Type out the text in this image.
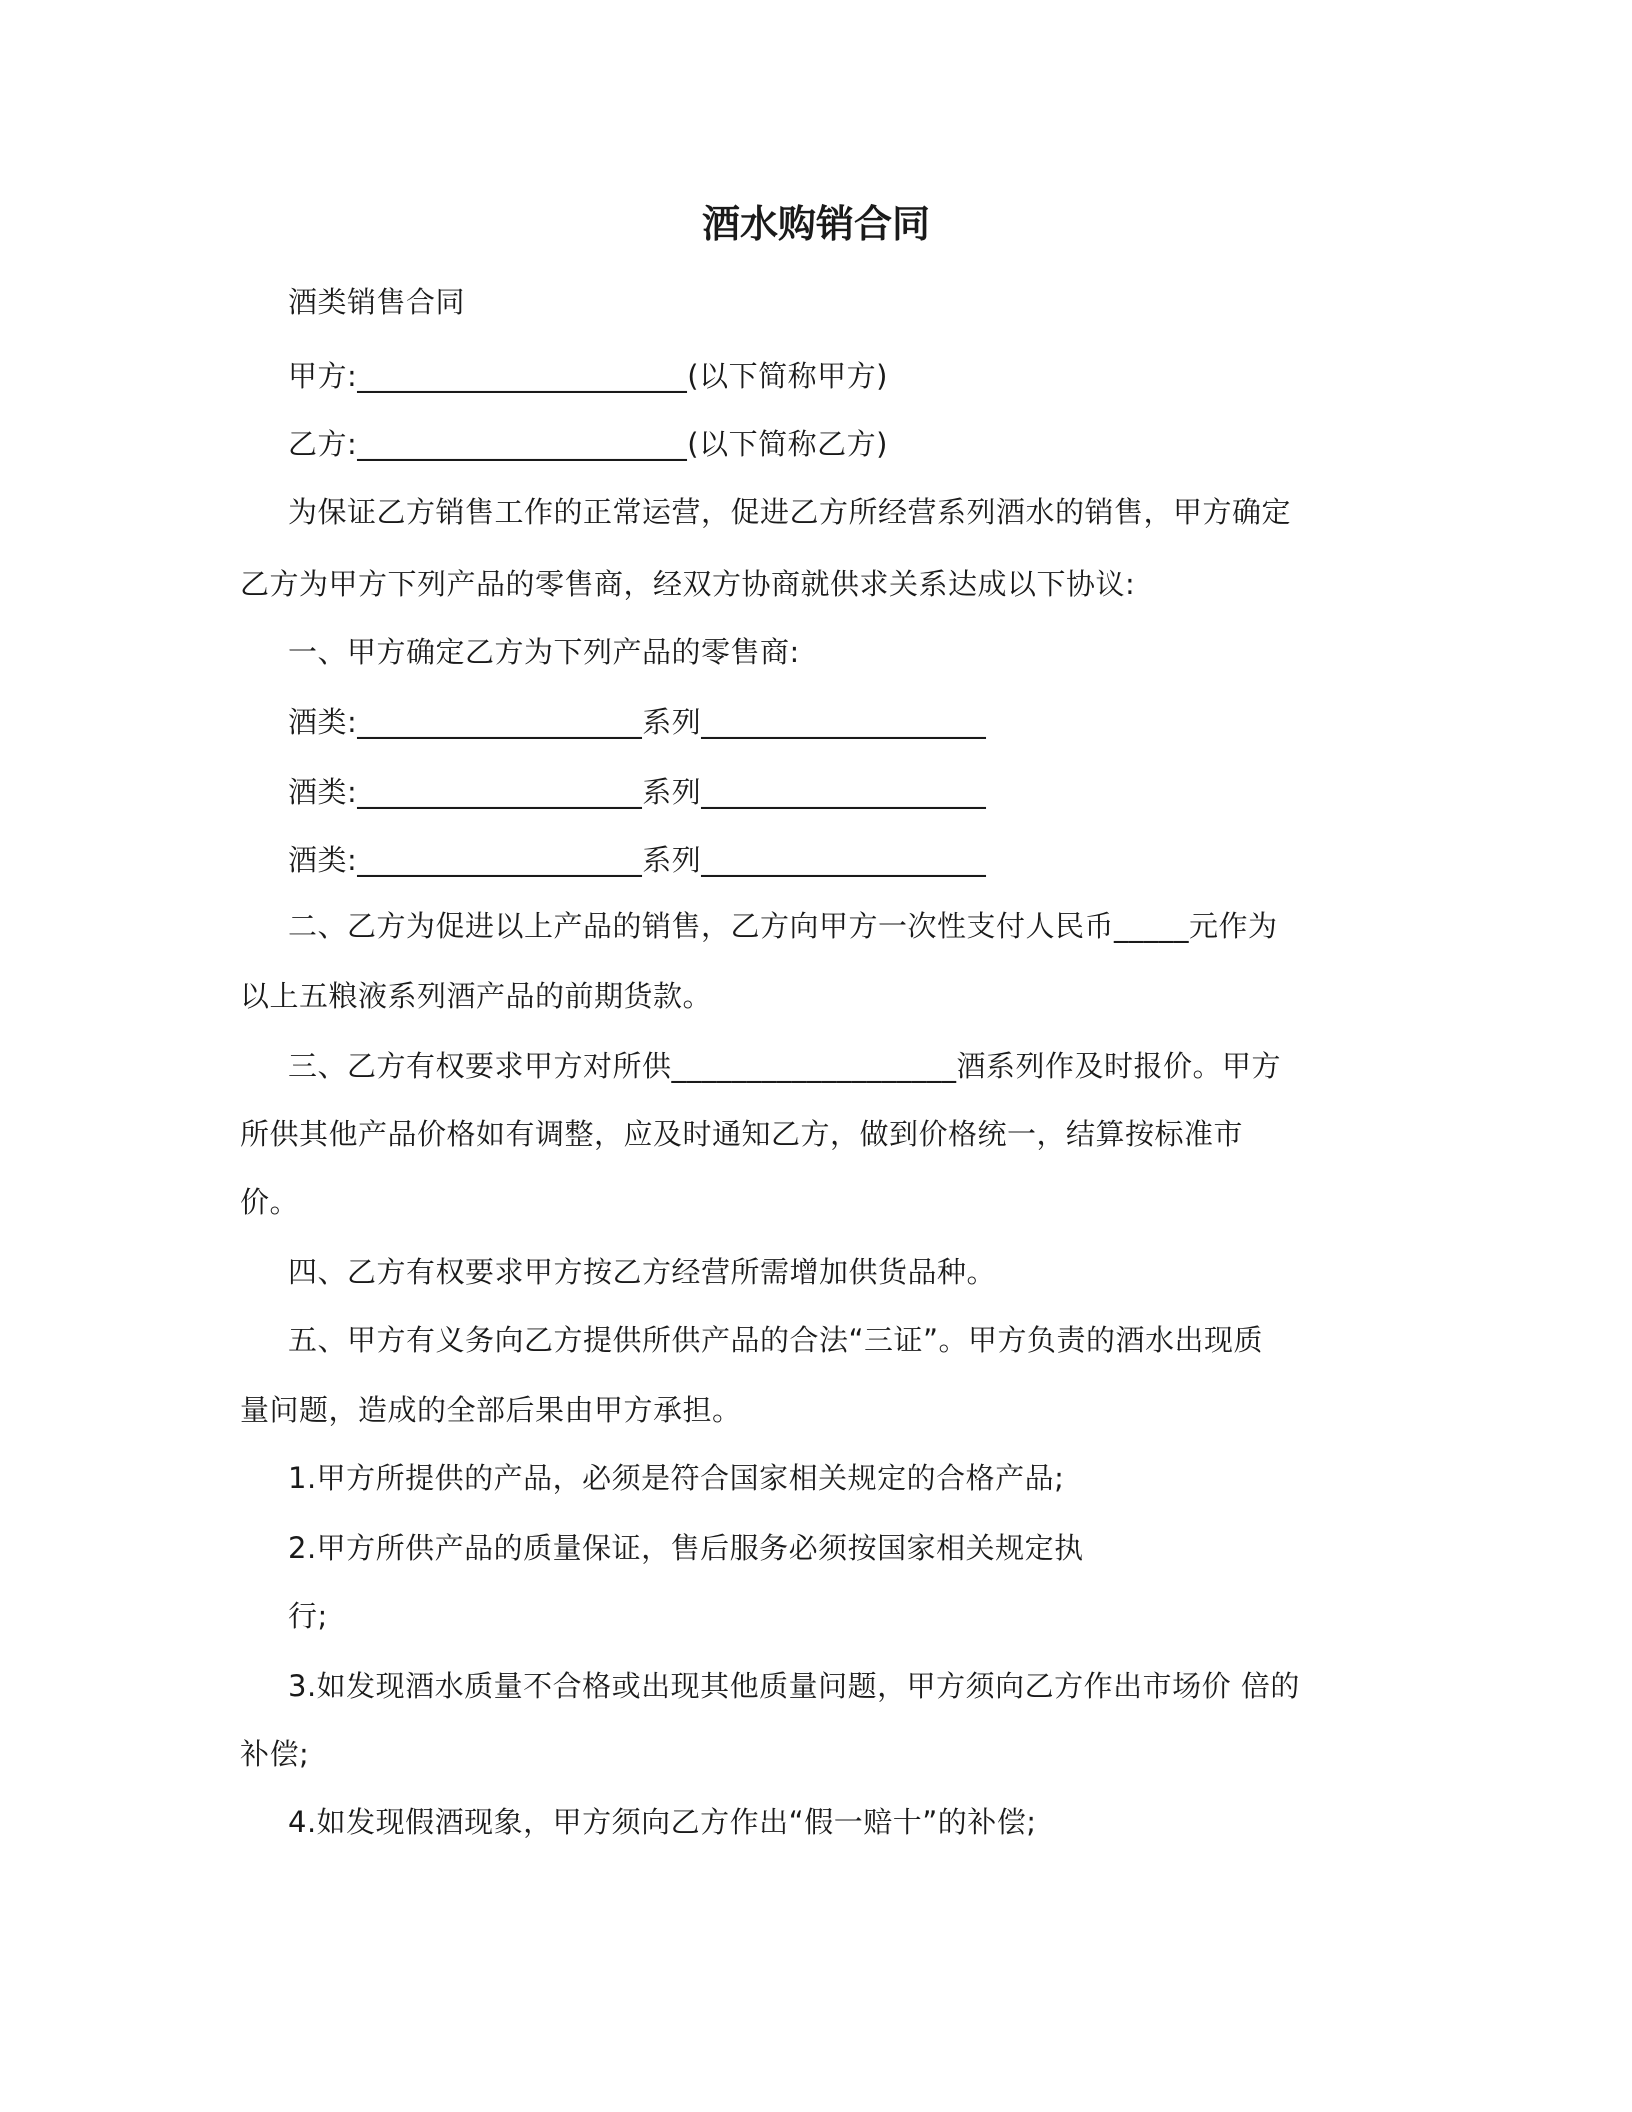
酒水购销合同
酒类销售合同
甲方:______________________(以下简称甲方)
乙方:______________________(以下简称乙方)
为保证乙方销售工作的正常运营，促进乙方所经营系列酒水的销售，甲方确定
乙方为甲方下列产品的零售商，经双方协商就供求关系达成以下协议:
一、甲方确定乙方为下列产品的零售商:
酒类:___________________系列___________________
酒类:___________________系列___________________
酒类:___________________系列___________________
二、乙方为促进以上产品的销售，乙方向甲方一次性支付人民币_____元作为
以上五粮液系列酒产品的前期货款。
三、乙方有权要求甲方对所供___________________酒系列作及时报价。甲方
所供其他产品价格如有调整，应及时通知乙方，做到价格统一，结算按标准市
价。
四、乙方有权要求甲方按乙方经营所需增加供货品种。
五、甲方有义务向乙方提供所供产品的合法“三证”。甲方负责的酒水出现质
量问题，造成的全部后果由甲方承担。
1.甲方所提供的产品，必须是符合国家相关规定的合格产品;
2.甲方所供产品的质量保证，售后服务必须按国家相关规定执
行;
3.如发现酒水质量不合格或出现其他质量问题，甲方须向乙方作出市场价 倍的
补偿;
4.如发现假酒现象，甲方须向乙方作出“假一赔十”的补偿;
